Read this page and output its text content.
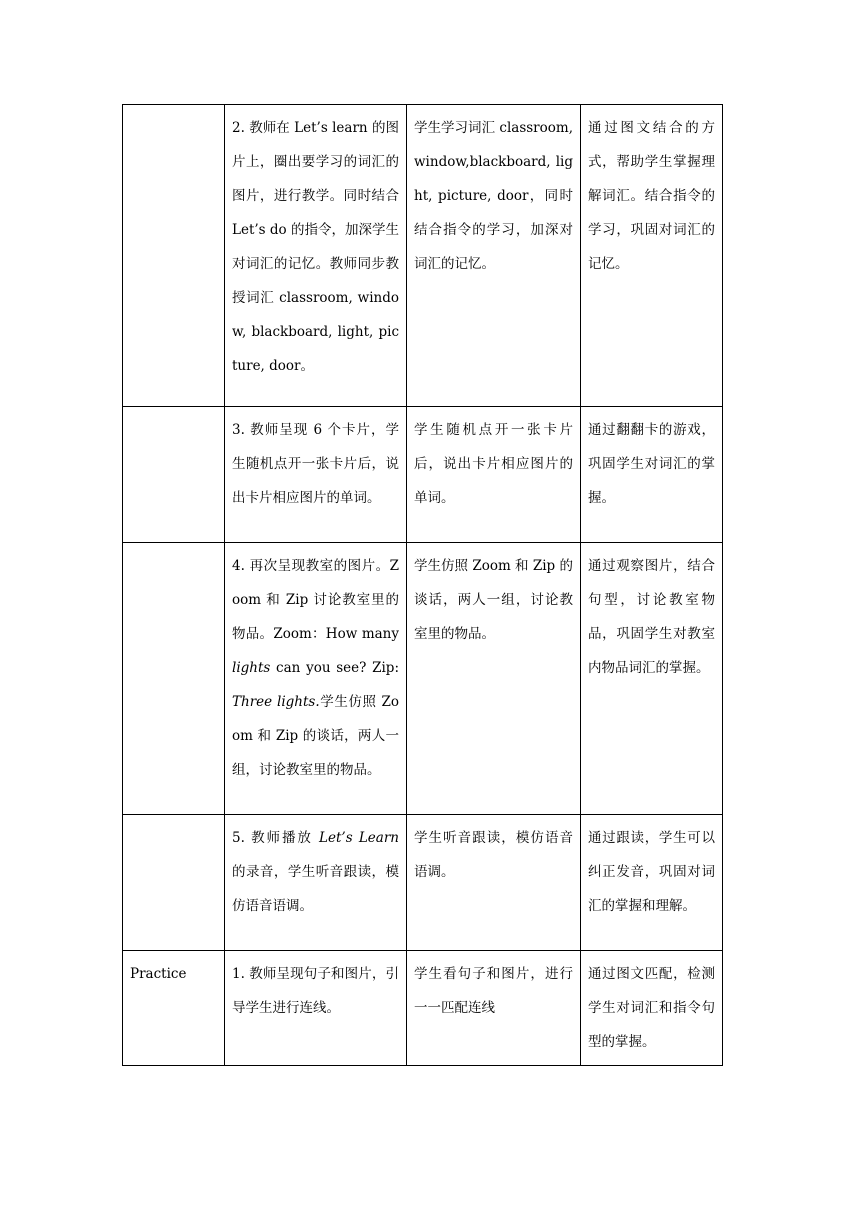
	2. 教师在 Let’s learn 的图片上，圈出要学习的词汇的图片，进行教学。同时结合 Let’s do 的指令，加深学生对词汇的记忆。教师同步教授词汇 classroom, window, blackboard, light, picture, door。	学生学习词汇 classroom, window,blackboard, light, picture, door，同时结合指令的学习，加深对词汇的记忆。	通过图文结合的方式，帮助学生掌握理解词汇。结合指令的学习，巩固对词汇的记忆。
	3. 教师呈现 6 个卡片，学生随机点开一张卡片后，说出卡片相应图片的单词。	学生随机点开一张卡片后，说出卡片相应图片的单词。	通过翻翻卡的游戏，巩固学生对词汇的掌握。
	4. 再次呈现教室的图片。Zoom 和 Zip 讨论教室里的物品。Zoom：How many lights can you see? Zip:Three lights.学生仿照 Zoom 和 Zip 的谈话，两人一组，讨论教室里的物品。	学生仿照 Zoom 和 Zip 的谈话，两人一组，讨论教室里的物品。	通过观察图片，结合句型，讨论教室物品，巩固学生对教室内物品词汇的掌握。
	5. 教师播放 Let’s Learn 的录音，学生听音跟读，模仿语音语调。	学生听音跟读，模仿语音语调。	通过跟读，学生可以纠正发音，巩固对词汇的掌握和理解。
Practice	1. 教师呈现句子和图片，引导学生进行连线。	学生看句子和图片，进行一一匹配连线	通过图文匹配，检测学生对词汇和指令句型的掌握。
